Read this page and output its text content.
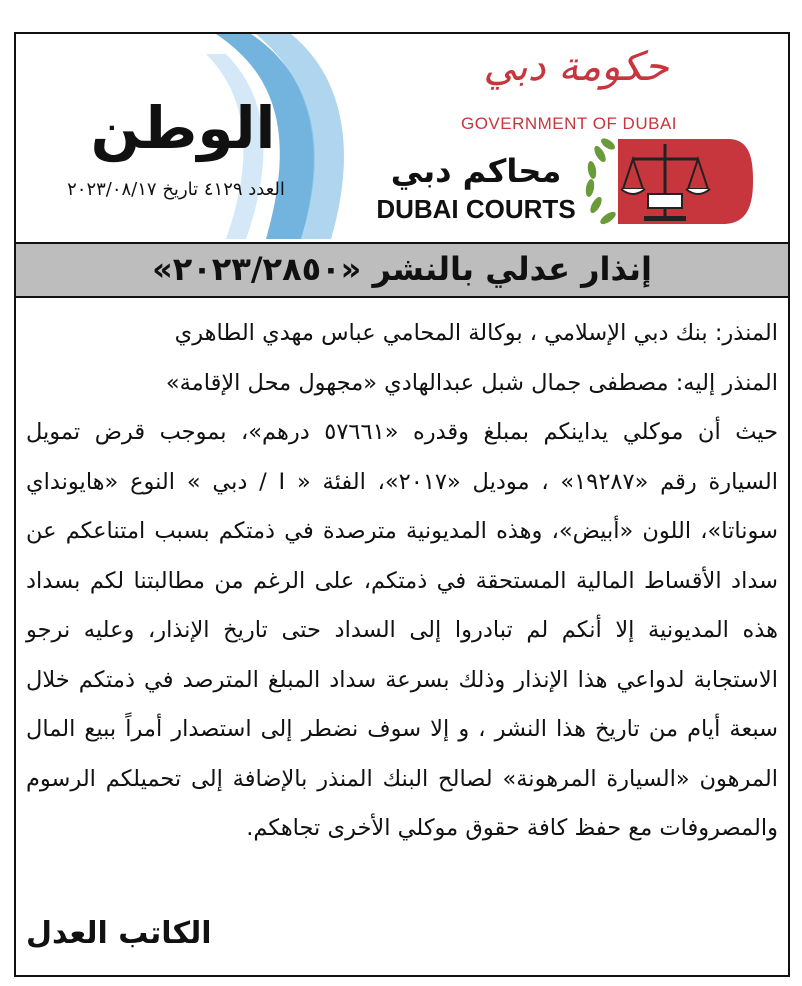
الوطن
العدد ٤١٢٩ تاريخ ٢٠٢٣/٠٨/١٧
حكومة دبي
GOVERNMENT OF DUBAI
محاكم دبي
DUBAI COURTS
إنذار عدلي بالنشر «٢٠٢٣/٢٨٥٠»

المنذر: بنك دبي الإسلامي ، بوكالة المحامي عباس مهدي الطاهري

المنذر إليه: مصطفى جمال شبل عبدالهادي «مجهول محل الإقامة»

حيث أن موكلي يداينكم بمبلغ وقدره «٥٧٦٦١ درهم»، بموجب قرض تمويل السيارة رقم «١٩٢٨٧» ، موديل «٢٠١٧»، الفئة « I / دبي » النوع «هايونداي سوناتا»، اللون «أبيض»، وهذه المديونية مترصدة في ذمتكم بسبب امتناعكم عن سداد الأقساط المالية المستحقة في ذمتكم، على الرغم من مطالبتنا لكم بسداد هذه المديونية إلا أنكم لم تبادروا إلى السداد حتى تاريخ الإنذار، وعليه نرجو الاستجابة لدواعي هذا الإنذار وذلك بسرعة سداد المبلغ المترصد في ذمتكم خلال سبعة أيام من تاريخ هذا النشر ، و إلا سوف نضطر إلى استصدار أمراً ببيع المال المرهون «السيارة المرهونة» لصالح البنك المنذر بالإضافة إلى تحميلكم الرسوم والمصروفات مع حفظ كافة حقوق موكلي الأخرى تجاهكم.

الكاتب العدل
